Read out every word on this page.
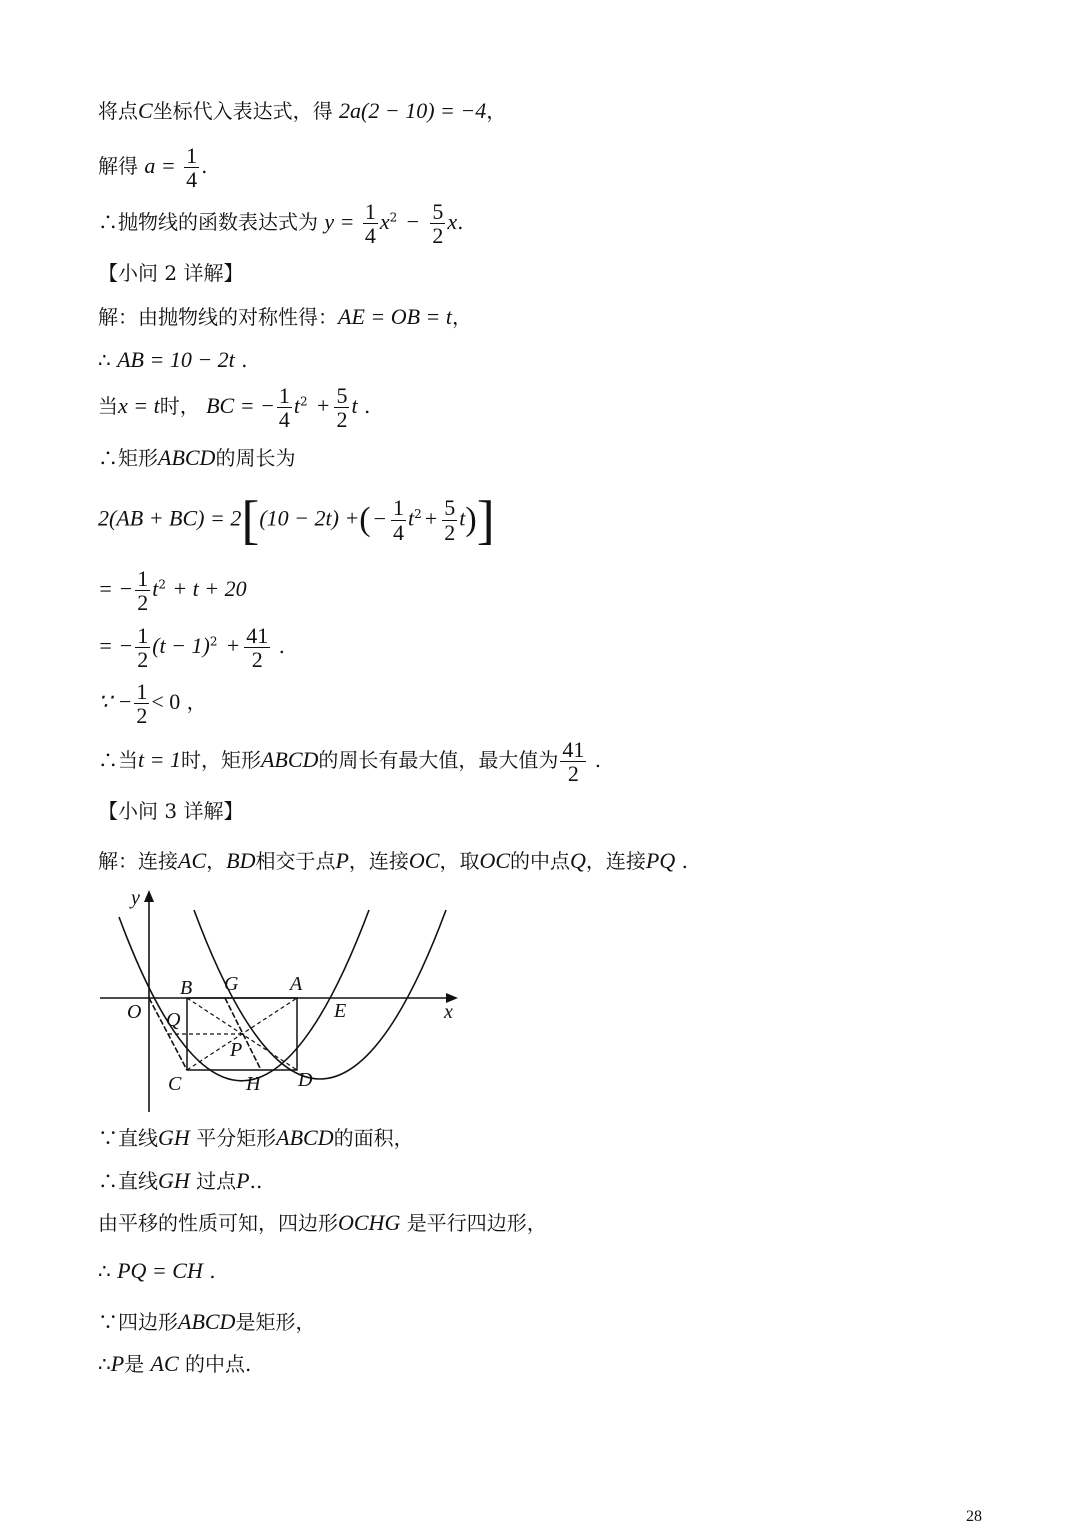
将点C坐标代入表达式，得 2a(2 − 10) = −4，
解得 $a = \frac{1}{4}$ .
∴抛物线的函数表达式为 $y = \frac{1}{4} x^2 - \frac{5}{2} x$.
【小问 2 详解】
解：由抛物线的对称性得：AE = OB = t，
∴ AB = 10 − 2t .
当x = t时， BC = − $\frac{1}{4} t^2 + \frac{5}{2}$ t .
∴矩形ABCD的周长为
2(AB + BC) = 2[(10 − 2t) +( − $\frac{1}{4} t^2 + \frac{5}{2} t$)]
= − $\frac{1}{2} t^2 + t + 20$
= − $\frac{1}{2} (t - 1)^2 + \frac{41}{2}$ .
∵ − $\frac{1}{2} < 0$ ，
∴当t = 1时，矩形ABCD的周长有最大值，最大值为 $\frac{41}{2}$ .
【小问 3 详解】
解：连接AC，BD相交于点P，连接OC，取OC的中点Q，连接PQ .
y
x
O
B G	A
E
Q
P
C	H D
∵直线GH 平分矩形ABCD的面积，
∴直线GH 过点P..
由平移的性质可知，四边形OCHG 是平行四边形，
∴ PQ = CH .
∵四边形ABCD是矩形，
∴P是 AC 的中点.
28
